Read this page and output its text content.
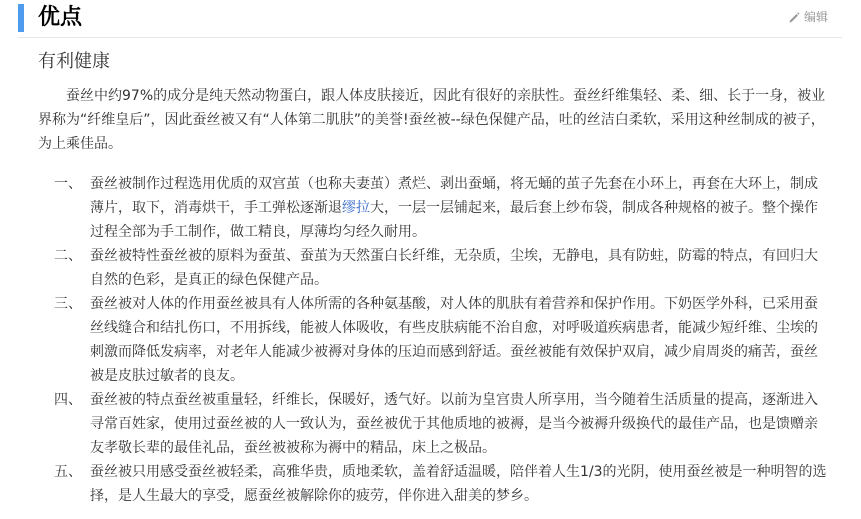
优点	编辑
有利健康

蚕丝中约97%的成分是纯天然动物蛋白，跟人体皮肤接近，因此有很好的亲肤性。蚕丝纤维集轻、柔、细、长于一身，被业界称为“纤维皇后”，因此蚕丝被又有“人体第二肌肤”的美誉!蚕丝被--绿色保健产品，吐的丝洁白柔软，采用这种丝制成的被子，为上乘佳品。

一、 蚕丝被制作过程选用优质的双宫茧（也称夫妻茧）煮烂、剥出蚕蛹，将无蛹的茧子先套在小环上，再套在大环上，制成薄片，取下，消毒烘干，手工弹松逐渐退缪拉大，一层一层铺起来，最后套上纱布袋，制成各种规格的被子。整个操作过程全部为手工制作，做工精良，厚薄均匀经久耐用。
二、 蚕丝被特性蚕丝被的原料为蚕茧、蚕茧为天然蛋白长纤维，无杂质，尘埃，无静电，具有防蛀，防霉的特点，有回归大自然的色彩，是真正的绿色保健产品。
三、 蚕丝被对人体的作用蚕丝被具有人体所需的各种氨基酸，对人体的肌肤有着营养和保护作用。下奶医学外科，已采用蚕丝线缝合和结扎伤口，不用拆线，能被人体吸收，有些皮肤病能不治自愈，对呼吸道疾病患者，能减少短纤维、尘埃的刺激而降低发病率，对老年人能减少被褥对身体的压迫而感到舒适。蚕丝被能有效保护双肩，减少肩周炎的痛苦，蚕丝被是皮肤过敏者的良友。
四、 蚕丝被的特点蚕丝被重量轻，纤维长，保暖好，透气好。以前为皇宫贵人所享用，当今随着生活质量的提高，逐渐进入寻常百姓家，使用过蚕丝被的人一致认为，蚕丝被优于其他质地的被褥，是当今被褥升级换代的最佳产品，也是馈赠亲友孝敬长辈的最佳礼品，蚕丝被被称为褥中的精品，床上之极品。
五、 蚕丝被只用感受蚕丝被轻柔，高雅华贵，质地柔软，盖着舒适温暖，陪伴着人生1/3的光阴，使用蚕丝被是一种明智的选择，是人生最大的享受，愿蚕丝被解除你的疲劳，伴你进入甜美的梦乡。
